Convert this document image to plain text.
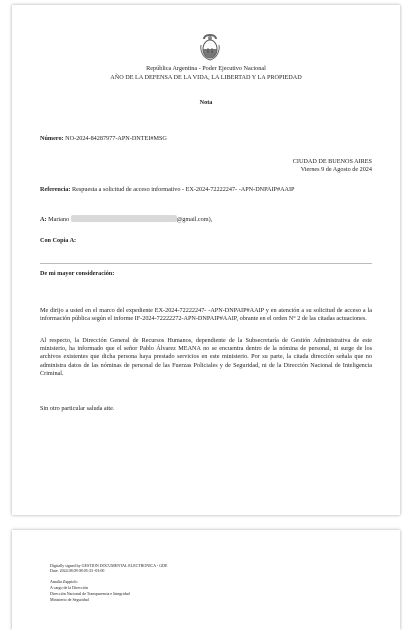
República Argentina - Poder Ejecutivo Nacional
AÑO DE LA DEFENSA DE LA VIDA, LA LIBERTAD Y LA PROPIEDAD
Nota
Número: NO-2024-84287977-APN-DNTEI#MSG
CIUDAD DE BUENOS AIRES
Viernes 9 de Agosto de 2024
Referencia: Respuesta a solicitud de acceso informativo - EX-2024-72222247- -APN-DNPAIP#AAIP
A: Mariano	@gmail.com),
Con Copia A:
De mi mayor consideración:
Me dirijo a usted en el marco del expediente EX-2024-72222247- -APN-DNPAIP#AAIP y en atención a su solicitud de acceso a la información pública según el informe IF-2024-72222272-APN-DNPAIP#AAIP, obrante en el orden N° 2 de las citadas actuaciones.
Al respecto, la Dirección General de Recursos Humanos, dependiente de la Subsecretaría de Gestión Administrativa de este ministerio, ha informado que el señor Pablo Álvarez MEANA no se encuentra dentro de la nómina de personal, ni surge de los archivos existentes que dicha persona haya prestado servicios en este ministerio. Por su parte, la citada dirección señala que no administra datos de las nóminas de personal de las Fuerzas Policiales y de Seguridad, ni de la Dirección Nacional de Inteligencia Criminal.
Sin otro particular saluda atte.
Digitally signed by GESTION DOCUMENTAL ELECTRONICA - GDE
Date: 2024.08.09 08:05:33 -03:00
Amalia Zuppiolo
A cargo de la Dirección
Dirección Nacional de Transparencia e Integridad
Ministerio de Seguridad
